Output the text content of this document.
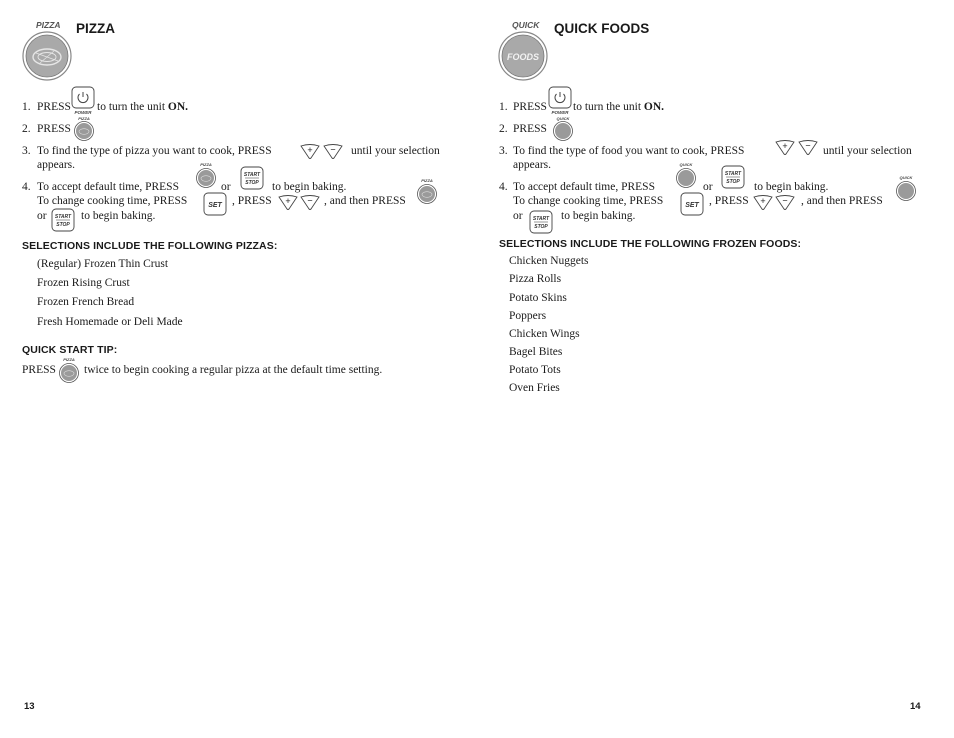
PIZZA PIZZA
1. PRESS POWER to turn the unit ON.
2. PRESS
PIZZA
3. To find the type of pizza you want to cook, PRESS	+ − until your selection
appears.
4. To accept default time, PRESS
PIZZA
or
START
STOP to begin baking.
PIZZA
To change cooking time, PRESS	SET , PRESS + − , and then PRESS
or START
STOP
to begin baking.
SELECTIONS INCLUDE THE FOLLOWING PIZZAS:
(Regular) Frozen Thin Crust
Frozen Rising Crust
Frozen French Bread
Fresh Homemade or Deli Made
QUICK START TIP:
PRESS
PIZZA
twice to begin cooking a regular pizza at the default time setting.
13
QUICK
FOODS
QUICK FOODS
1. PRESS POWER to turn the unit ON.
2. PRESS
QUICK
3. To find the type of food you want to cook, PRESS	+ − until your selection
appears.
4. To accept default time, PRESS
QUICK
or
START
STOP to begin baking.
QUICK
To change cooking time, PRESS	SET , PRESS + − , and then PRESS
or START
STOP
to begin baking.
SELECTIONS INCLUDE THE FOLLOWING FROZEN FOODS:
Chicken Nuggets
Pizza Rolls
Potato Skins
Poppers
Chicken Wings
Bagel Bites
Potato Tots
Oven Fries
14
